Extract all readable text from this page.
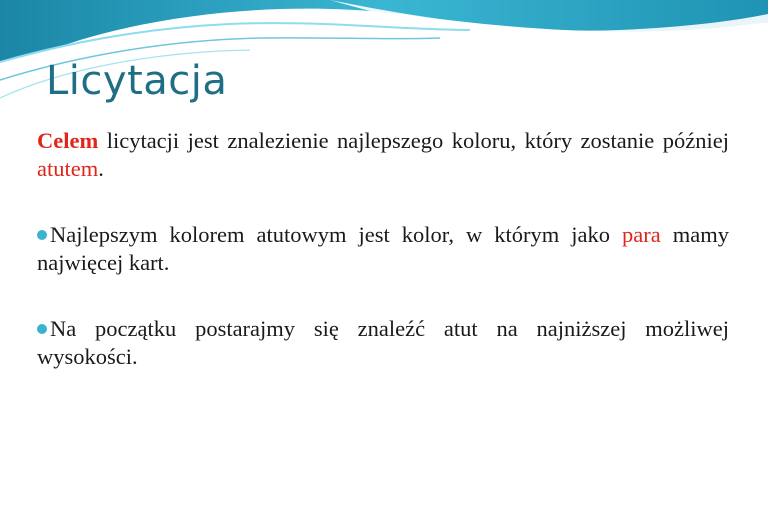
Licytacja

Celem licytacji jest znalezienie najlepszego koloru, który zostanie później atutem.

Najlepszym kolorem atutowym jest kolor, w którym jako para mamy najwięcej kart.

Na początku postarajmy się znaleźć atut na najniższej możliwej wysokości.
